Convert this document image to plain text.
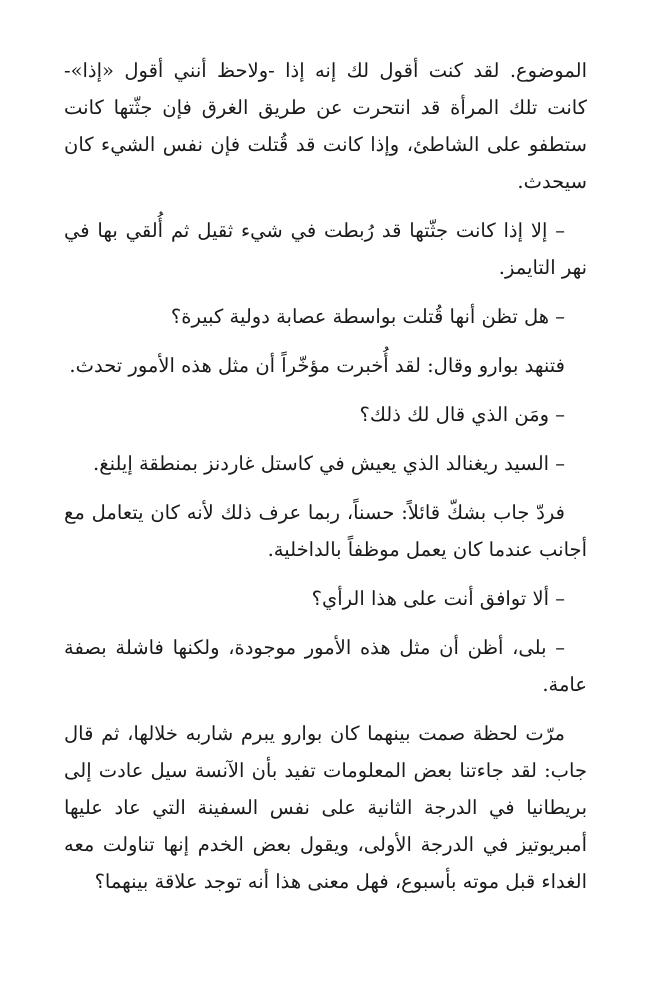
الموضوع. لقد كنت أقول لك إنه إذا -ولاحظ أنني أقول «إذا»- كانت تلك المرأة قد انتحرت عن طريق الغرق فإن جثّتها كانت ستطفو على الشاطئ، وإذا كانت قد قُتلت فإن نفس الشيء كان سيحدث.

– إلا إذا كانت جثّتها قد رُبطت في شيء ثقيل ثم أُلقي بها في نهر التايمز.

– هل تظن أنها قُتلت بواسطة عصابة دولية كبيرة؟

فتنهد بوارو وقال: لقد أُخبرت مؤخّراً أن مثل هذه الأمور تحدث.

– ومَن الذي قال لك ذلك؟

– السيد ريغنالد الذي يعيش في كاستل غاردنز بمنطقة إيلنغ.

فردّ جاب بشكّ قائلاً: حسناً، ربما عرف ذلك لأنه كان يتعامل مع أجانب عندما كان يعمل موظفاً بالداخلية.

– ألا توافق أنت على هذا الرأي؟

– بلى، أظن أن مثل هذه الأمور موجودة، ولكنها فاشلة بصفة عامة.

مرّت لحظة صمت بينهما كان بوارو يبرم شاربه خلالها، ثم قال جاب: لقد جاءتنا بعض المعلومات تفيد بأن الآنسة سيل عادت إلى بريطانيا في الدرجة الثانية على نفس السفينة التي عاد عليها أمبريوتيز في الدرجة الأولى، ويقول بعض الخدم إنها تناولت معه الغداء قبل موته بأسبوع، فهل معنى هذا أنه توجد علاقة بينهما؟
